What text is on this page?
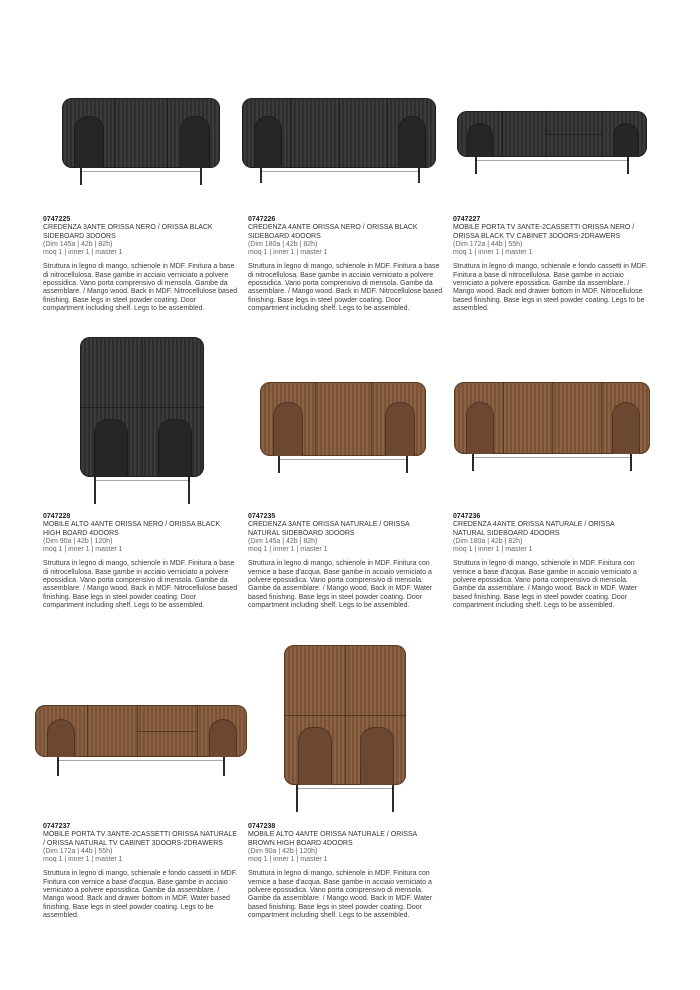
0747225
CREDENZA 3ANTE ORISSA NERO / ORISSA BLACK SIDEBOARD 3DOORS
(Dim 145a | 42b | 82h)
moq 1 | inner 1 | master 1
Struttura in legno di mango, schienole in MDF. Finitura a base di nitrocellulosa. Base gambe in acciaio verniciato a polvere epossidica. Vano porta comprensivo di mensola. Gambe da assemblare. / Mango wood. Back in MDF. Nitrocellulose based finishing. Base legs in steel powder coating. Door compartment including shelf. Legs to be assembled.
0747226
CREDENZA 4ANTE ORISSA NERO / ORISSA BLACK SIDEBOARD 4DOORS
(Dim 180a | 42b | 82h)
moq 1 | inner 1 | master 1
Struttura in legno di mango, schienole in MDF. Finitura a base di nitrocellulosa. Base gambe in acciaio verniciato a polvere epossidica. Vano porta comprensivo di mensola. Gambe da assemblare. / Mango wood. Back in MDF. Nitrocellulose based finishing. Base legs in steel powder coating. Door compartment including shelf. Legs to be assembled.
0747227
MOBILE PORTA TV 3ANTE-2CASSETTI ORISSA NERO / ORISSA BLACK TV CABINET 3DOORS-2DRAWERS
(Dim 172a | 44b | 55h)
moq 1 | inner 1 | master 1
Struttura in legno di mango, schienale e fondo cassetti in MDF. Finitura a base di nitrocellulosa. Base gambe in acciaio verniciato a polvere epossidica. Gambe da assemblare. / Mango wood. Back and drawer bottom in MDF. Nitrocellulose based finishing. Base legs in steel powder coating. Legs to be assembled.
0747228
MOBILE ALTO 4ANTE ORISSA NERO / ORISSA BLACK HIGH BOARD 4DOORS
(Dim 90a | 42b | 120h)
moq 1 | inner 1 | master 1
Struttura in legno di mango, schienole in MDF. Finitura a base di nitrocellulosa. Base gambe in acciaio verniciato a polvere epossidica. Vano porta comprensivo di mensola. Gambe da assemblare. / Mango wood. Back in MDF. Nitrocellulose based finishing. Base legs in steel powder coating. Door compartment including shelf. Legs to be assembled.
0747235
CREDENZA 3ANTE ORISSA NATURALE / ORISSA NATURAL SIDEBOARD 3DOORS
(Dim 145a | 42b | 82h)
moq 1 | inner 1 | master 1
Struttura in legno di mango, schienole in MDF. Finitura con vernice a base d'acqua. Base gambe in acciaio verniciato a polvere epossidica. Vano porta comprensivo di mensola. Gambe da assemblare. / Mango wood. Back in MDF. Water based finishing. Base legs in steel powder coating. Door compartment including shelf. Legs to be assembled.
0747236
CREDENZA 4ANTE ORISSA NATURALE / ORISSA NATURAL SIDEBOARD 4DOORS
(Dim 180a | 42b | 82h)
moq 1 | inner 1 | master 1
Struttura in legno di mango, schienole in MDF. Finitura con vernice a base d'acqua. Base gambe in acciaio verniciato a polvere epossidica. Vano porta comprensivo di mensola. Gambe da assemblare. / Mango wood. Back in MDF. Water based finishing. Base legs in steel powder coating. Door compartment including shelf. Legs to be assembled.
0747237
MOBILE PORTA TV 3ANTE-2CASSETTI ORISSA NATURALE / ORISSA NATURAL TV CABINET 3DOORS-2DRAWERS
(Dim 172a | 44b | 55h)
moq 1 | inner 1 | master 1
Struttura in legno di mango, schienale e fondo cassetti in MDF. Finitura con vernice a base d'acqua. Base gambe in acciaio verniciato a polvere epossidica. Gambe da assemblare. / Mango wood. Back and drawer bottom in MDF. Water based finishing. Base legs in steel powder coating. Legs to be assembled.
0747238
MOBILE ALTO 4ANTE ORISSA NATURALE / ORISSA BROWN HIGH BOARD 4DOORS
(Dim 90a | 42b | 120h)
moq 1 | inner 1 | master 1
Struttura in legno di mango, schienole in MDF. Finitura con vernice a base d'acqua. Base gambe in acciaio verniciato a polvere epossidica. Vano porta comprensivo di mensola. Gambe da assemblare. / Mango wood. Back in MDF. Water based finishing. Base legs in steel powder coating. Door compartment including shelf. Legs to be assembled.
